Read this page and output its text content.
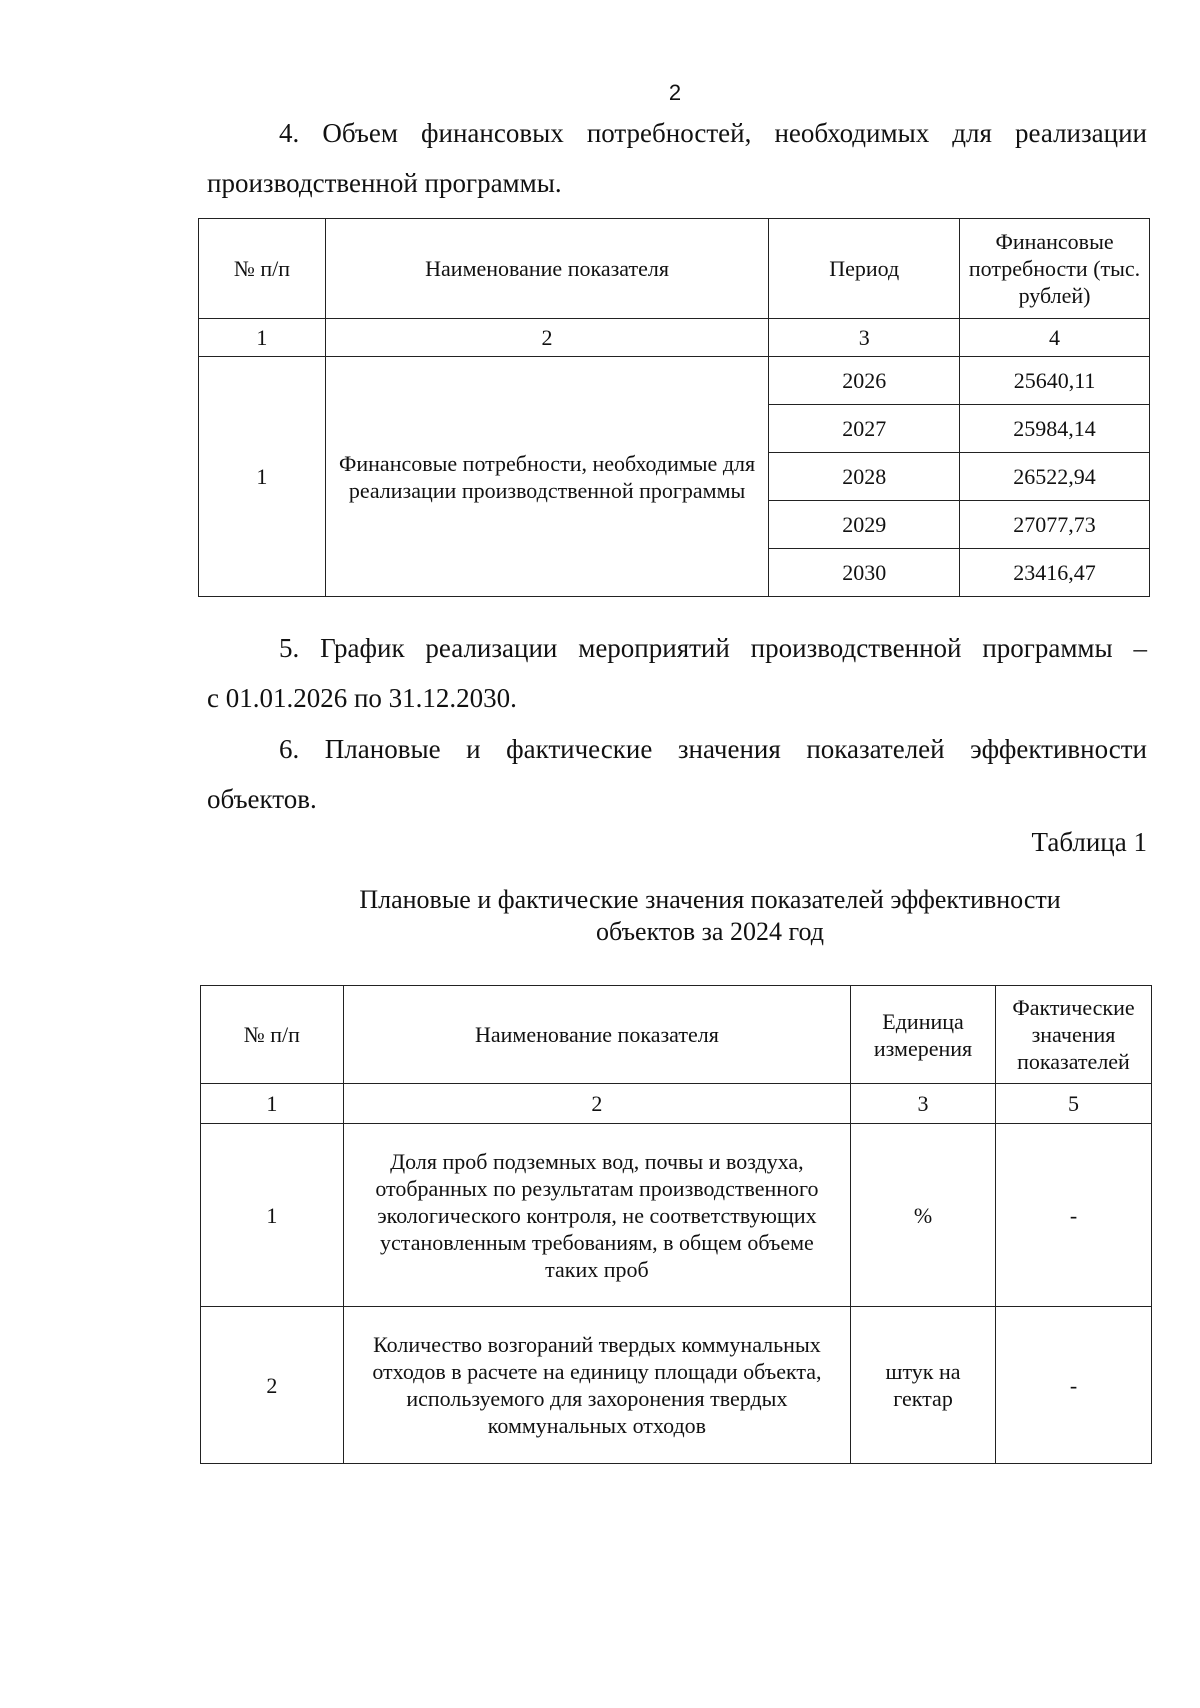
2
4. Объем финансовых потребностей, необходимых для реализации
производственной программы.
№ п/п	Наименование показателя	Период	Финансовые потребности (тыс. рублей)
1	2	3	4
1	Финансовые потребности, необходимые для реализации производственной программы	2026	25640,11
		2027	25984,14
		2028	26522,94
		2029	27077,73
		2030	23416,47
5. График реализации мероприятий производственной программы –
с 01.01.2026 по 31.12.2030.
6. Плановые и фактические значения показателей эффективности
объектов.
Таблица 1
Плановые и фактические значения показателей эффективности
объектов за 2024 год
№ п/п	Наименование показателя	Единица измерения	Фактические значения показателей
1	2	3	5
1	Доля проб подземных вод, почвы и воздуха, отобранных по результатам производственного экологического контроля, не соответствующих установленным требованиям, в общем объеме таких проб	%	-
2	Количество возгораний твердых коммунальных отходов в расчете на единицу площади объекта, используемого для захоронения твердых коммунальных отходов	штук на гектар	-
